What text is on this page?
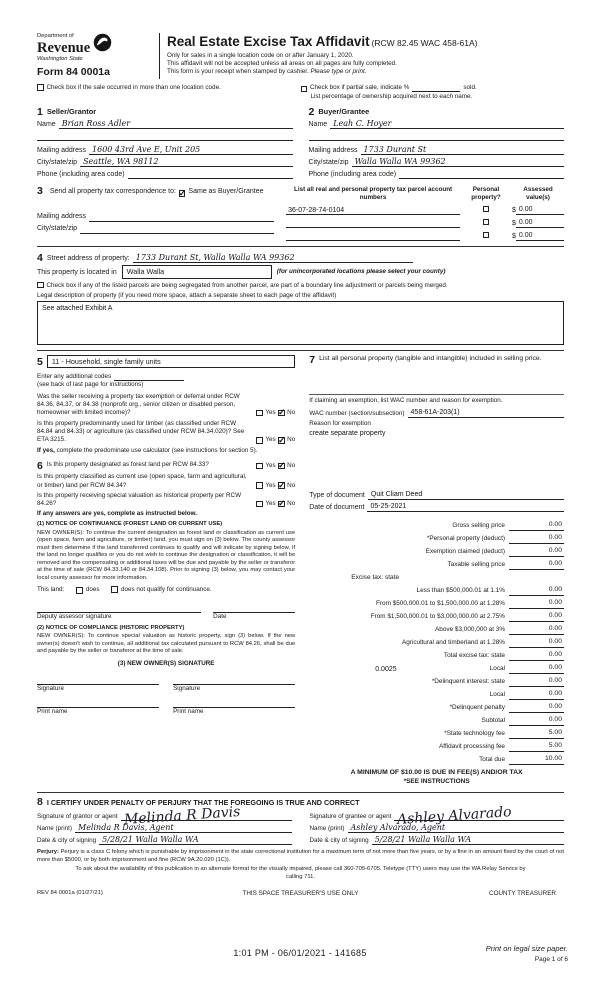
Department of
Revenue
Washington State
Form 84 0001a
Real Estate Excise Tax Affidavit (RCW 82.45 WAC 458-61A)
Only for sales in a single location code on or after January 1, 2020.
This affidavit will not be accepted unless all areas on all pages are fully completed.
This form is your receipt when stamped by cashier. Please type or print.
Check box if the sale occurred in more than one location code.	Check box if partial sale, indicate %	sold.
List percentage of ownership acquired next to each name.
1 Seller/Grantor
Name Brian Ross Adler
Mailing address 1600 43rd Ave E, Unit 205
City/state/zip Seattle, WA 98112
Phone (including area code)
2 Buyer/Grantee
Name Leah C. Hoyer
Mailing address 1733 Durant St
City/state/zip Walla Walla WA 99362
Phone (including area code)
3 Send all property tax correspondence to: ✓ Same as Buyer/Grantee
Mailing address
City/state/zip
List all real and personal property tax parcel account numbers
Personal property?
Assessed value(s)
36-07-28-74-0104	$ 0.00
$ 0.00
$ 0.00
4 Street address of property: 1733 Durant St, Walla Walla WA 99362
This property is located in	Walla Walla	(for unincorporated locations please select your county)
Check box if any of the listed parcels are being segregated from another parcel, are part of a boundary line adjustment or parcels being merged.
Legal description of property (if you need more space, attach a separate sheet to each page of the affidavit)
See attached Exhibit A
5	11 - Household, single family units
Enter any additional codes
(see back of last page for instructions)
Was the seller receiving a property tax exemption or deferral under RCW 84.36, 84.37, or 84.38 (nonprofit org., senior citizen or disabled person, homeowner with limited income)?	Yes ✓ No
Is this property predominantly used for timber (as classified under RCW 84.84 and 84.33) or agriculture (as classified under RCW 84.34.020)? See ETA 3215.	Yes ✓ No
If yes, complete the predominate use calculator (see instructions for section 5).
6 Is this property designated as forest land per RCW 84.33?	Yes ✓ No
Is this property classified as current use (open space, farm and agricultural, or timber) land per RCW 84.34?	Yes ✓ No
Is this property receiving special valuation as historical property per RCW 84.26?	Yes ✓ No
If any answers are yes, complete as instructed below.
(1) NOTICE OF CONTINUANCE (FOREST LAND OR CURRENT USE)
NEW OWNER(S): To continue the current designation as forest land or classification as current use (open space, farm and agriculture, or timber) land, you must sign on (3) below. The county assessor must then determine if the land transferred continues to qualify and will indicate by signing below. If the land no longer qualifies or you do not wish to continue the designation or classification, it will be removed and the compensating or additional taxes will be due and payable by the seller or transferor at the time of sale (RCW 84.33.140 or 84.34.108). Prior to signing (3) below, you may contact your local county assessor for more information.
This land:	does	does not qualify for continuance.
Deputy assessor signature	Date
(2) NOTICE OF COMPLIANCE (HISTORIC PROPERTY)
NEW OWNER(S): To continue special valuation as historic property, sign (3) below. If the new owner(s) doesn't wish to continue, all additional tax calculated pursuant to RCW 84.26, shall be due and payable by the seller or transferor at the time of sale.
(3) NEW OWNER(S) SIGNATURE
Signature	Signature
Print name	Print name
7 List all personal property (tangible and intangible) included in selling price.
If claiming an exemption, list WAC number and reason for exemption.
WAC number (section/subsection) 458-61A-203(1)
Reason for exemption
create separate property
Type of document Quit Cliam Deed
Date of document 05-25-2021
Gross selling price	0.00
*Personal property (deduct)	0.00
Exemption claimed (deduct)	0.00
Taxable selling price	0.00
Excise tax: state
Less than $500,000.01 at 1.1%	0.00
From $500,000.01 to $1,500,000.00 at 1.28%	0.00
From $1,500,000.01 to $3,000,000.00 at 2.75%	0.00
Above $3,000,000 at 3%	0.00
Agricultural and timberland at 1.28%	0.00
Total excise tax: state	0.00
0.0025	Local	0.00
*Delinquent interest: state	0.00
Local	0.00
*Delinquent penalty	0.00
Subtotal	0.00
*State technology fee	5.00
Affidavit processing fee	5.00
Total due	10.00
A MINIMUM OF $10.00 IS DUE IN FEE(S) AND/OR TAX
*SEE INSTRUCTIONS
8 I CERTIFY UNDER PENALTY OF PERJURY THAT THE FOREGOING IS TRUE AND CORRECT
Signature of grantor or agent Melinda R Davis
Name (print) Melinda R Davis, Agent
Date & city of signing 5/28/21 Walla Walla WA
Signature of grantee or agent Ashley Alvarado
Name (print) Ashley Alvarado, Agent
Date & city of signing 5/28/21 Walla Walla WA
Perjury: Perjury is a class C felony which is punishable by imprisonment in the state correctional institution for a maximum term of not more than five years, or by a fine in an amount fixed by the court of not more than $5000, or by both imprisonment and fine (RCW 9A.20.020 (1C)).
To ask about the availability of this publication in an alternate format for the visually impaired, please call 360-705-6705. Teletype (TTY) users may use the WA Relay Service by calling 711.
REV 84 0001a (01/27/21)	THIS SPACE TREASURER'S USE ONLY	COUNTY TREASURER
1:01 PM - 06/01/2021 - 141685	Print on legal size paper.
Page 1 of 6
